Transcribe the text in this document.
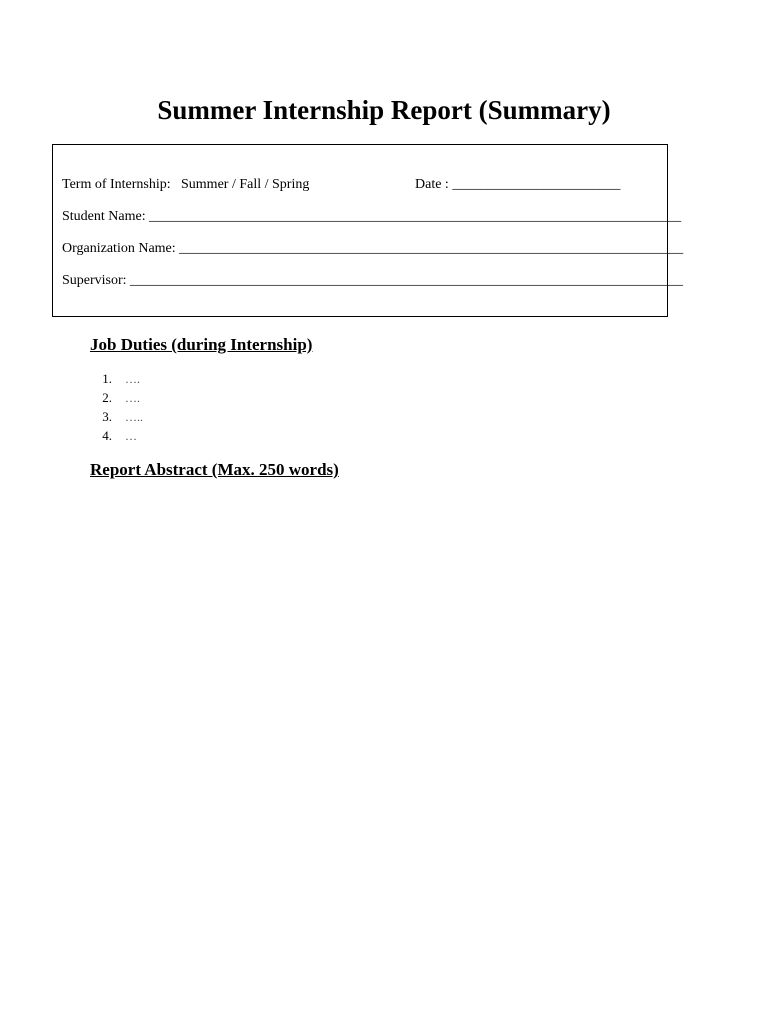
Summer Internship Report (Summary)
Term of Internship: Summer / Fall / Spring	Date : ________________________
Student Name: ____________________________________________________________________________
Organization Name: ________________________________________________________________________
Supervisor: _______________________________________________________________________________
Job Duties (during Internship)
1. ….
2. ….
3. …..
4. …
Report Abstract (Max. 250 words)
